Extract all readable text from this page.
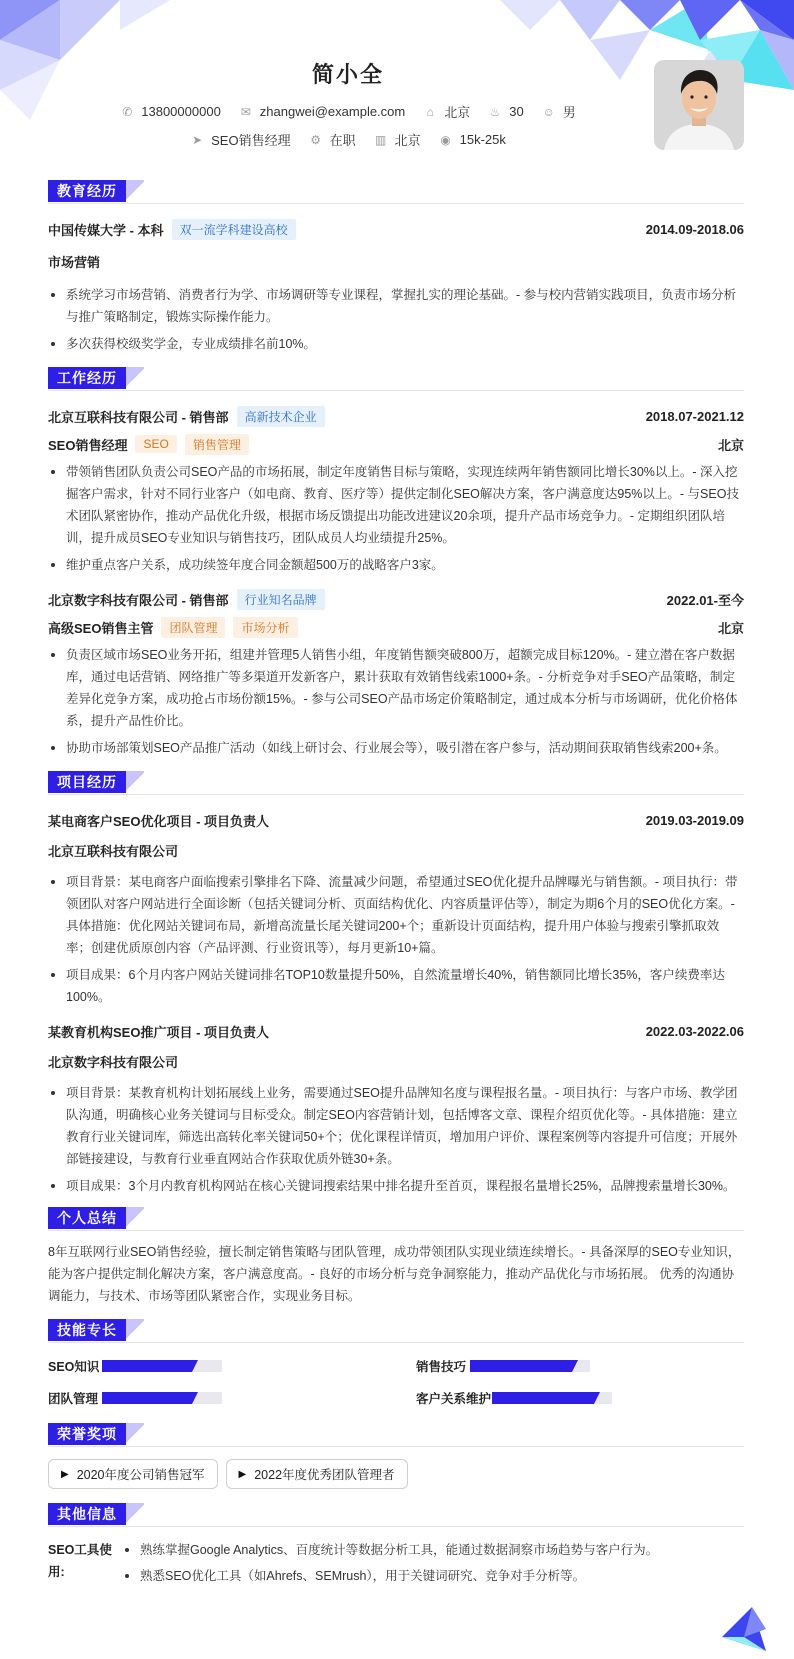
简小全
✆ 13800000000 ✉ zhangwei@example.com ⌂ 北京 ♨ 30 ☺ 男
➤ SEO销售经理 ⚙ 在职 ▥ 北京 ◉ 15k-25k
教育经历
中国传媒大学 - 本科	双一流学科建设高校	2014.09-2018.06
市场营销
系统学习市场营销、消费者行为学、市场调研等专业课程，掌握扎实的理论基础。- 参与校内营销实践项目，负责市场分析与推广策略制定，锻炼实际操作能力。
多次获得校级奖学金，专业成绩排名前10%。
工作经历
北京互联科技有限公司 - 销售部	高新技术企业	2018.07-2021.12
SEO销售经理	SEO	销售管理	北京
带领销售团队负责公司SEO产品的市场拓展，制定年度销售目标与策略，实现连续两年销售额同比增长30%以上。- 深入挖掘客户需求，针对不同行业客户（如电商、教育、医疗等）提供定制化SEO解决方案，客户满意度达95%以上。- 与SEO技术团队紧密协作，推动产品优化升级，根据市场反馈提出功能改进建议20余项，提升产品市场竞争力。- 定期组织团队培训，提升成员SEO专业知识与销售技巧，团队成员人均业绩提升25%。
维护重点客户关系，成功续签年度合同金额超500万的战略客户3家。
北京数字科技有限公司 - 销售部	行业知名品牌	2022.01-至今
高级SEO销售主管	团队管理	市场分析	北京
负责区域市场SEO业务开拓，组建并管理5人销售小组，年度销售额突破800万，超额完成目标120%。- 建立潜在客户数据库，通过电话营销、网络推广等多渠道开发新客户，累计获取有效销售线索1000+条。- 分析竞争对手SEO产品策略，制定差异化竞争方案，成功抢占市场份额15%。- 参与公司SEO产品市场定价策略制定，通过成本分析与市场调研，优化价格体系，提升产品性价比。
协助市场部策划SEO产品推广活动（如线上研讨会、行业展会等），吸引潜在客户参与，活动期间获取销售线索200+条。
项目经历
某电商客户SEO优化项目 - 项目负责人	2019.03-2019.09
北京互联科技有限公司
项目背景：某电商客户面临搜索引擎排名下降、流量减少问题，希望通过SEO优化提升品牌曝光与销售额。- 项目执行：带领团队对客户网站进行全面诊断（包括关键词分析、页面结构优化、内容质量评估等），制定为期6个月的SEO优化方案。- 具体措施：优化网站关键词布局，新增高流量长尾关键词200+个；重新设计页面结构，提升用户体验与搜索引擎抓取效率；创建优质原创内容（产品评测、行业资讯等），每月更新10+篇。
项目成果：6个月内客户网站关键词排名TOP10数量提升50%，自然流量增长40%，销售额同比增长35%，客户续费率达100%。
某教育机构SEO推广项目 - 项目负责人	2022.03-2022.06
北京数字科技有限公司
项目背景：某教育机构计划拓展线上业务，需要通过SEO提升品牌知名度与课程报名量。- 项目执行：与客户市场、教学团队沟通，明确核心业务关键词与目标受众。制定SEO内容营销计划，包括博客文章、课程介绍页优化等。- 具体措施：建立教育行业关键词库，筛选出高转化率关键词50+个；优化课程详情页，增加用户评价、课程案例等内容提升可信度；开展外部链接建设，与教育行业垂直网站合作获取优质外链30+条。
项目成果：3个月内教育机构网站在核心关键词搜索结果中排名提升至首页，课程报名量增长25%，品牌搜索量增长30%。
个人总结
8年互联网行业SEO销售经验，擅长制定销售策略与团队管理，成功带领团队实现业绩连续增长。- 具备深厚的SEO专业知识，能为客户提供定制化解决方案，客户满意度高。- 良好的市场分析与竞争洞察能力，推动产品优化与市场拓展。 优秀的沟通协调能力，与技术、市场等团队紧密合作，实现业务目标。
技能专长
SEO知识	销售技巧
团队管理	客户关系维护
荣誉奖项
▶ 2020年度公司销售冠军	▶ 2022年度优秀团队管理者
其他信息
SEO工具使用:
熟练掌握Google Analytics、百度统计等数据分析工具，能通过数据洞察市场趋势与客户行为。
熟悉SEO优化工具（如Ahrefs、SEMrush），用于关键词研究、竞争对手分析等。
